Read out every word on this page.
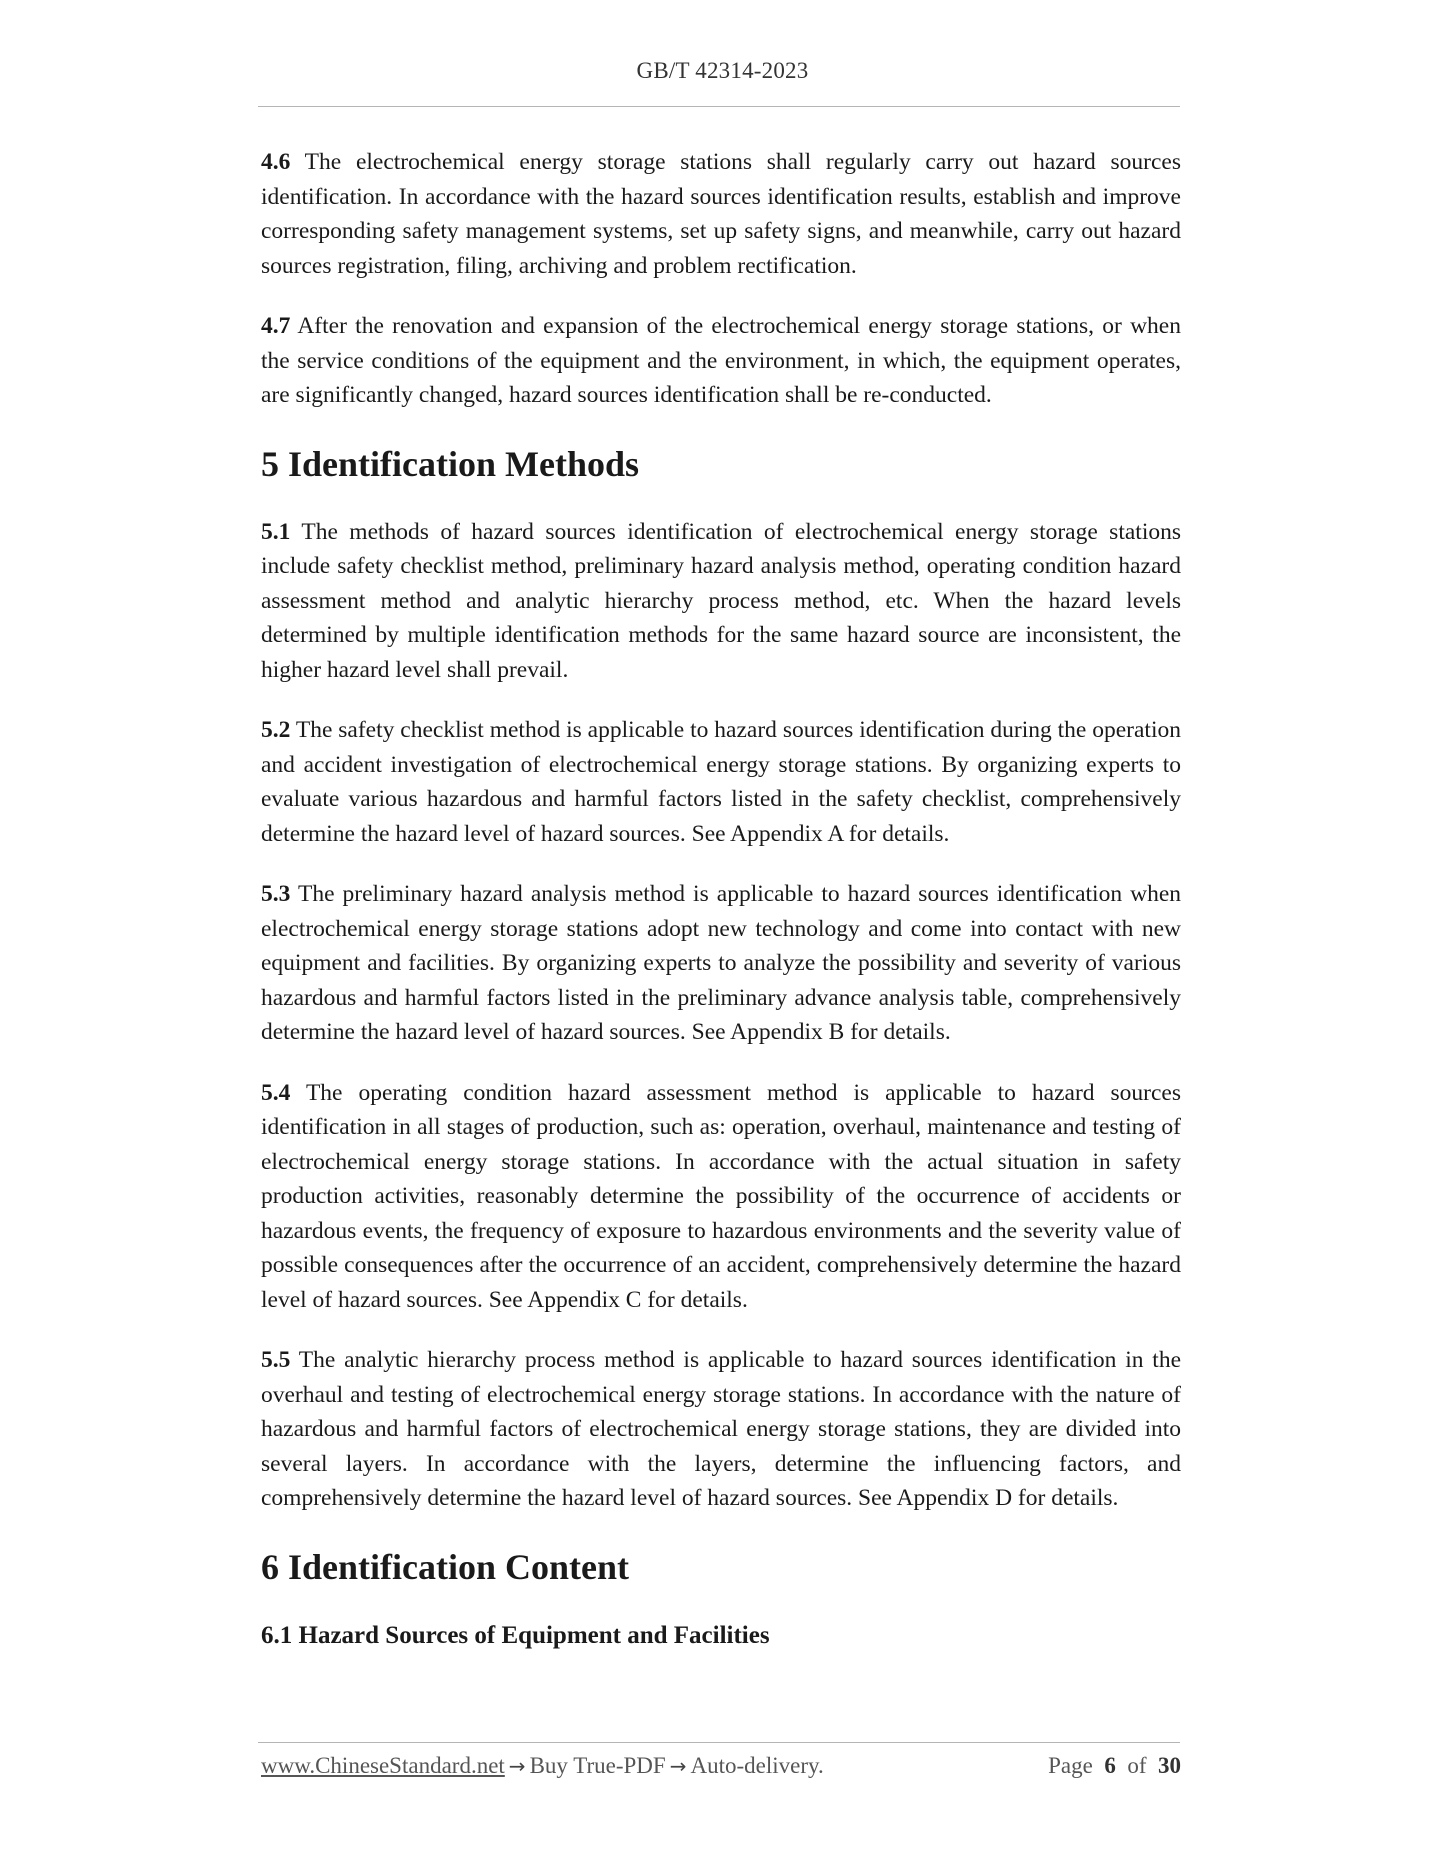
GB/T 42314-2023

4.6 The electrochemical energy storage stations shall regularly carry out hazard sources identification. In accordance with the hazard sources identification results, establish and improve corresponding safety management systems, set up safety signs, and meanwhile, carry out hazard sources registration, filing, archiving and problem rectification.

4.7 After the renovation and expansion of the electrochemical energy storage stations, or when the service conditions of the equipment and the environment, in which, the equipment operates, are significantly changed, hazard sources identification shall be re-conducted.

5 Identification Methods

5.1 The methods of hazard sources identification of electrochemical energy storage stations include safety checklist method, preliminary hazard analysis method, operating condition hazard assessment method and analytic hierarchy process method, etc. When the hazard levels determined by multiple identification methods for the same hazard source are inconsistent, the higher hazard level shall prevail.

5.2 The safety checklist method is applicable to hazard sources identification during the operation and accident investigation of electrochemical energy storage stations. By organizing experts to evaluate various hazardous and harmful factors listed in the safety checklist, comprehensively determine the hazard level of hazard sources. See Appendix A for details.

5.3 The preliminary hazard analysis method is applicable to hazard sources identification when electrochemical energy storage stations adopt new technology and come into contact with new equipment and facilities. By organizing experts to analyze the possibility and severity of various hazardous and harmful factors listed in the preliminary advance analysis table, comprehensively determine the hazard level of hazard sources. See Appendix B for details.

5.4 The operating condition hazard assessment method is applicable to hazard sources identification in all stages of production, such as: operation, overhaul, maintenance and testing of electrochemical energy storage stations. In accordance with the actual situation in safety production activities, reasonably determine the possibility of the occurrence of accidents or hazardous events, the frequency of exposure to hazardous environments and the severity value of possible consequences after the occurrence of an accident, comprehensively determine the hazard level of hazard sources. See Appendix C for details.

5.5 The analytic hierarchy process method is applicable to hazard sources identification in the overhaul and testing of electrochemical energy storage stations. In accordance with the nature of hazardous and harmful factors of electrochemical energy storage stations, they are divided into several layers. In accordance with the layers, determine the influencing factors, and comprehensively determine the hazard level of hazard sources. See Appendix D for details.

6 Identification Content
6.1 Hazard Sources of Equipment and Facilities
www.ChineseStandard.net → Buy True-PDF → Auto-delivery.	Page 6 of 30
